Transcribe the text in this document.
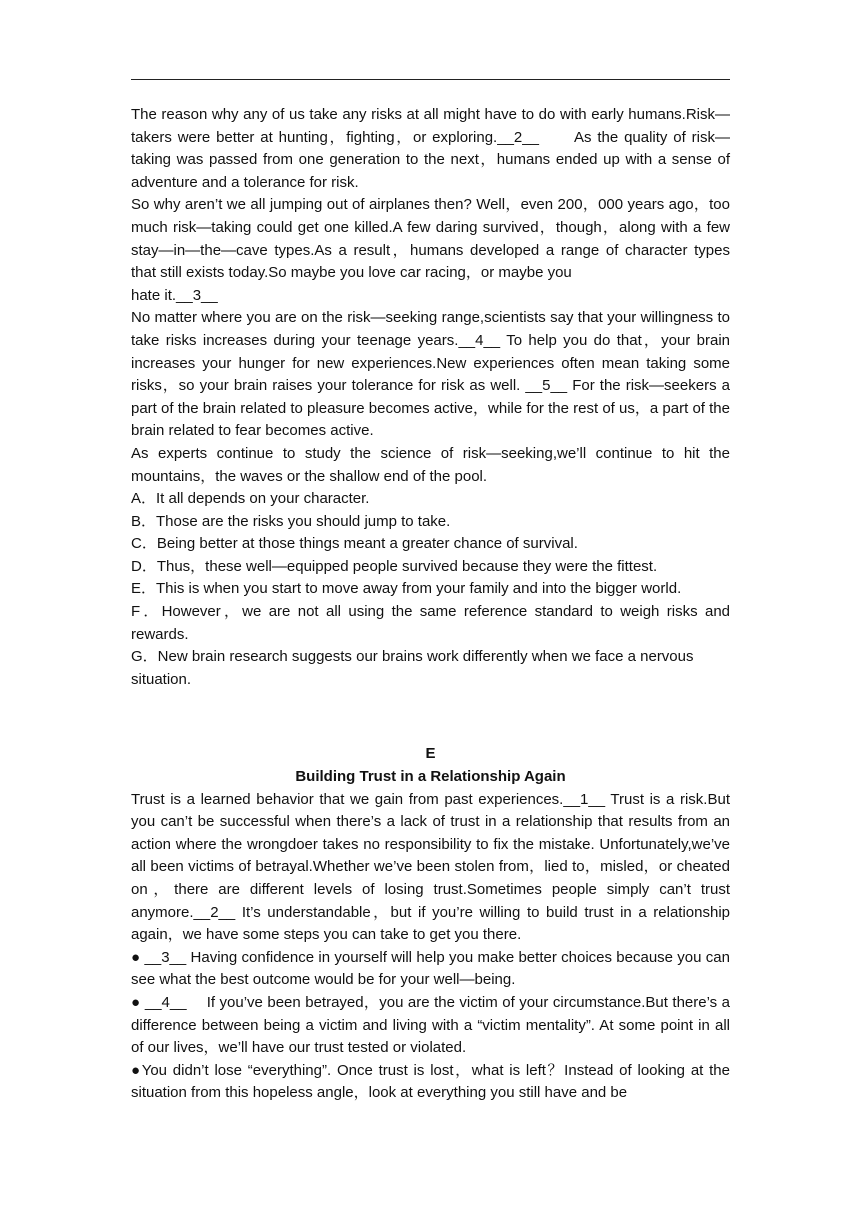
The reason why any of us take any risks at all might have to do with early humans.Risk—takers were better at hunting，fighting，or exploring.__2__　　As the quality of risk—taking was passed from one generation to the next，humans ended up with a sense of adventure and a tolerance for risk.

So why aren’t we all jumping out of airplanes then? Well，even 200，000 years ago，too much risk—taking could get one killed.A few daring survived，though，along with a few stay—in—the—cave types.As a result，humans developed a range of character types that still exists today.So maybe you love car racing，or maybe you

hate it.__3__

No matter where you are on the risk—seeking range,scientists say that your willingness to take risks increases during your teenage years.__4__ To help you do that，your brain increases your hunger for new experiences.New experiences often mean taking some risks，so your brain raises your tolerance for risk as well. __5__ For the risk—seekers a part of the brain related to pleasure becomes active，while for the rest of us，a part of the brain related to fear becomes active.

As experts continue to study the science of risk—seeking,we’ll continue to hit the mountains，the waves or the shallow end of the pool.

A．It all depends on your character.

B．Those are the risks you should jump to take.

C．Being better at those things meant a greater chance of survival.

D．Thus，these well—equipped people survived because they were the fittest.

E．This is when you start to move away from your family and into the bigger world.

F．However，we are not all using the same reference standard to weigh risks and rewards.

G．New brain research suggests our brains work differently when we face a nervous situation.

E

Building Trust in a Relationship Again

Trust is a learned behavior that we gain from past experiences.__1__ Trust is a risk.But you can’t be successful when there’s a lack of trust in a relationship that results from an action where the wrongdoer takes no responsibility to fix the mistake. Unfortunately,we’ve all been victims of betrayal.Whether we’ve been stolen from，lied to，misled，or cheated on，there are different levels of losing trust.Sometimes people simply can’t trust anymore.__2__ It’s understandable，but if you’re willing to build trust in a relationship again，we have some steps you can take to get you there.

● __3__ Having confidence in yourself will help you make better choices because you can see what the best outcome would be for your well—being.

● __4__　 If you’ve been betrayed，you are the victim of your circumstance.But there’s a difference between being a victim and living with a “victim mentality”. At some point in all of our lives，we’ll have our trust tested or violated.

●You didn’t lose “everything”. Once trust is lost，what is left？Instead of looking at the situation from this hopeless angle，look at everything you still have and be
